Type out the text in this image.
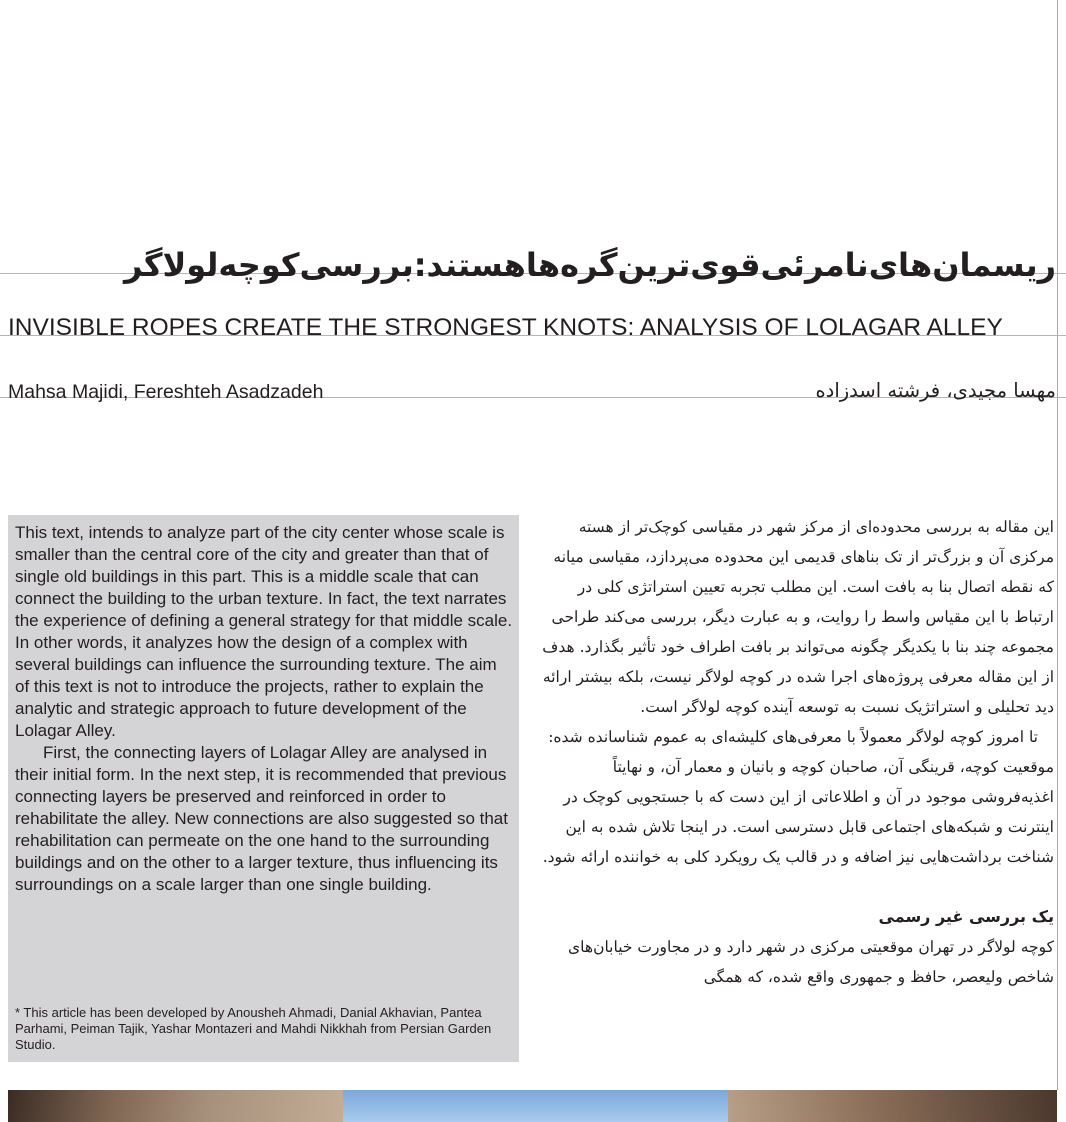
ریسمان‌های‌نامرئی‌قوی‌ترین‌گره‌هاهستند:بررسی‌کوچه‌لولاگر
INVISIBLE ROPES CREATE THE STRONGEST KNOTS: ANALYSIS OF LOLAGAR ALLEY
Mahsa Majidi, Fereshteh Asadzadeh	مهسا مجیدی، فرشته اسدزاده

This text, intends to analyze part of the city center whose scale is smaller than the central core of the city and greater than that of single old buildings in this part. This is a middle scale that can connect the building to the urban texture. In fact, the text narrates the experience of defining a general strategy for that middle scale. In other words, it analyzes how the design of a complex with several buildings can influence the surrounding texture. The aim of this text is not to introduce the projects, rather to explain the analytic and strategic approach to future development of the Lolagar Alley.

First, the connecting layers of Lolagar Alley are analysed in their initial form. In the next step, it is recommended that previous connecting layers be preserved and reinforced in order to rehabilitate the alley. New connections are also suggested so that rehabilitation can permeate on the one hand to the surrounding buildings and on the other to a larger texture, thus influencing its surroundings on a scale larger than one single building.

* This article has been developed by Anousheh Ahmadi, Danial Akhavian, Pantea Parhami, Peiman Tajik, Yashar Montazeri and Mahdi Nikkhah from Persian Garden Studio.

این مقاله به بررسی محدوده‌ای از مرکز شهر در مقیاسی کوچک‌تر از هسته مرکزی آن و بزرگ‌تر از تک بناهای قدیمی این محدوده می‌پردازد، مقیاسی میانه که نقطه اتصال بنا به بافت است. این مطلب تجربه تعیین استراتژی کلی در ارتباط با این مقیاس واسط را روایت، و به عبارت دیگر، بررسی می‌کند طراحی مجموعه چند بنا با یکدیگر چگونه می‌تواند بر بافت اطراف خود تأثیر بگذارد. هدف از این مقاله معرفی پروژه‌های اجرا شده در کوچه لولاگر نیست، بلکه بیشتر ارائه دید تحلیلی و استراتژیک نسبت به توسعه آینده کوچه لولاگر است.

تا امروز کوچه لولاگر معمولاً با معرفی‌های کلیشه‌ای به عموم شناسانده شده: موقعیت کوچه، قرینگی آن، صاحبان کوچه و بانیان و معمار آن، و نهایتاً اغذیه‌فروشی موجود در آن و اطلاعاتی از این دست که با جستجویی کوچک در اینترنت و شبکه‌های اجتماعی قابل دسترسی است. در اینجا تلاش شده به این شناخت برداشت‌هایی نیز اضافه و در قالب یک رویکرد کلی به خواننده ارائه شود.

یک بررسی غیر رسمی

کوچه لولاگر در تهران موقعیتی مرکزی در شهر دارد و در مجاورت خیابان‌های شاخص ولیعصر، حافظ و جمهوری واقع شده، که همگی
